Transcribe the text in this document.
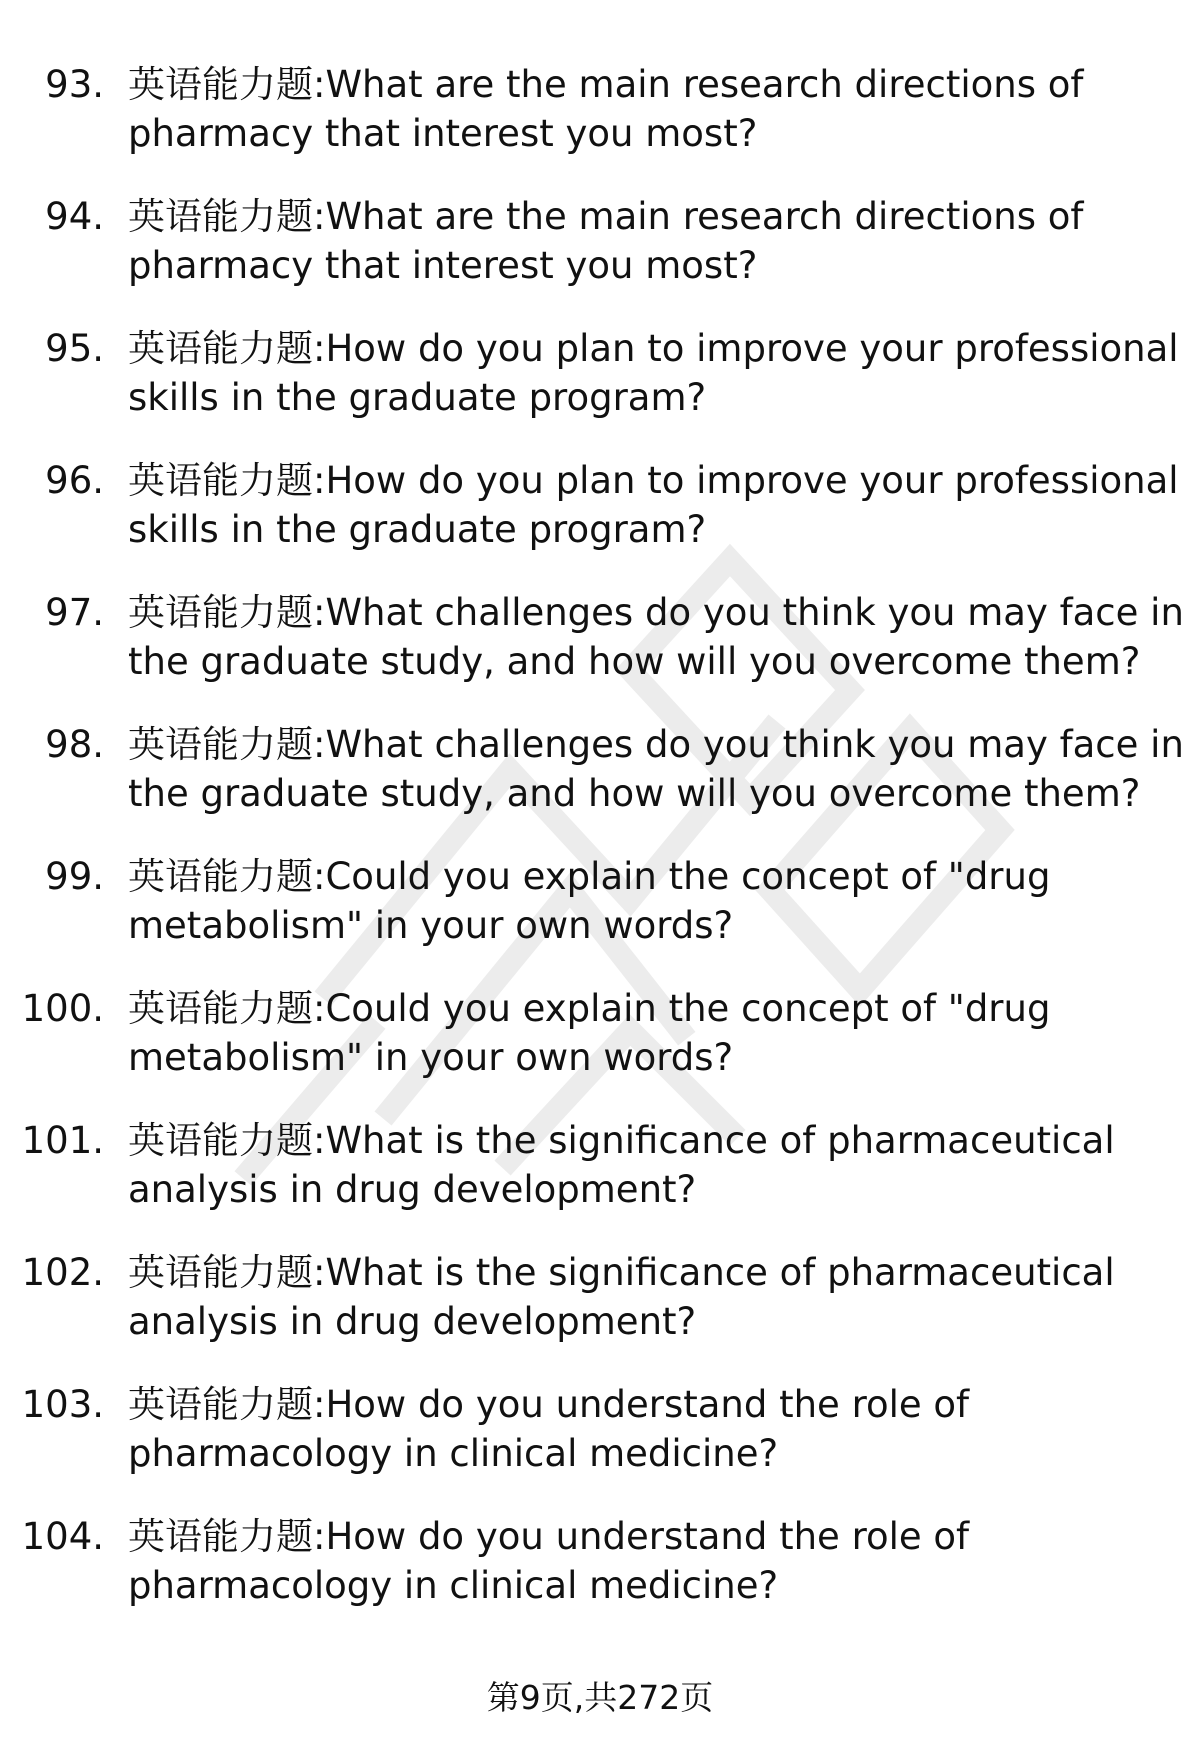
93. 英语能力题:What are the main research directions of
pharmacy that interest you most?
94. 英语能力题:What are the main research directions of
pharmacy that interest you most?
95. 英语能力题:How do you plan to improve your professional
skills in the graduate program?
96. 英语能力题:How do you plan to improve your professional
skills in the graduate program?
97. 英语能力题:What challenges do you think you may face in
the graduate study, and how will you overcome them?
98. 英语能力题:What challenges do you think you may face in
the graduate study, and how will you overcome them?
99. 英语能力题:Could you explain the concept of "drug
metabolism" in your own words?
100. 英语能力题:Could you explain the concept of "drug
metabolism" in your own words?
101. 英语能力题:What is the significance of pharmaceutical
analysis in drug development?
102. 英语能力题:What is the significance of pharmaceutical
analysis in drug development?
103. 英语能力题:How do you understand the role of
pharmacology in clinical medicine?
104. 英语能力题:How do you understand the role of
pharmacology in clinical medicine?
第9页,共272页
